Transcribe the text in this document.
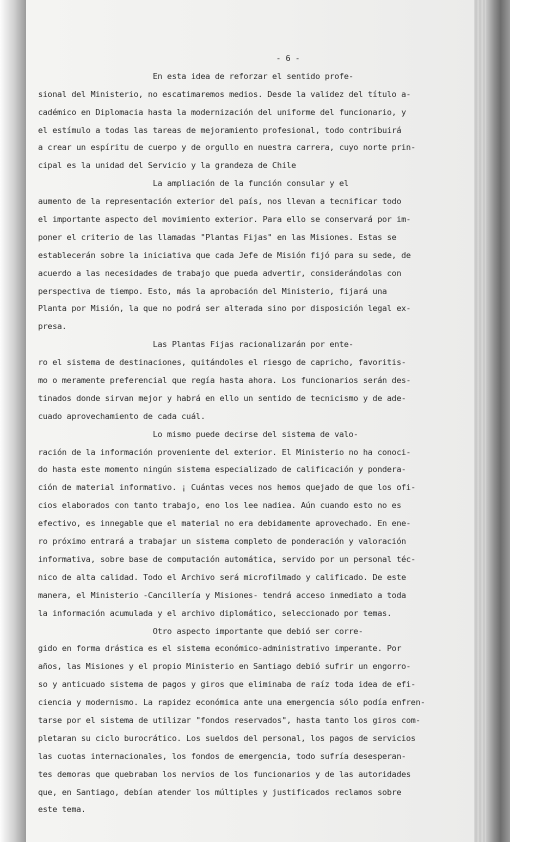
- 6 -
En esta idea de reforzar el sentido profe-
sional del Ministerio, no escatimaremos medios. Desde la validez del título a-
cadémico en Diplomacia hasta la modernización del uniforme del funcionario, y
el estímulo a todas las tareas de mejoramiento profesional, todo contribuirá
a crear un espíritu de cuerpo y de orgullo en nuestra carrera, cuyo norte prin-
cipal es la unidad del Servicio y la grandeza de Chile
La ampliación de la función consular y el
aumento de la representación exterior del país, nos llevan a tecnificar todo
el importante aspecto del movimiento exterior. Para ello se conservará por im-
poner el criterio de las llamadas "Plantas Fijas" en las Misiones. Estas se
establecerán sobre la iniciativa que cada Jefe de Misión fijó para su sede, de
acuerdo a las necesidades de trabajo que pueda advertir, considerándolas con
perspectiva de tiempo. Esto, más la aprobación del Ministerio, fijará una
Planta por Misión, la que no podrá ser alterada sino por disposición legal ex-
presa.
Las Plantas Fijas racionalizarán por ente-
ro el sistema de destinaciones, quitándoles el riesgo de capricho, favoritis-
mo o meramente preferencial que regía hasta ahora. Los funcionarios serán des-
tinados donde sirvan mejor y habrá en ello un sentido de tecnicismo y de ade-
cuado aprovechamiento de cada cuál.
Lo mismo puede decirse del sistema de valo-
ración de la información proveniente del exterior. El Ministerio no ha conoci-
do hasta este momento ningún sistema especializado de calificación y pondera-
ción de material informativo. ¡ Cuántas veces nos hemos quejado de que los ofi-
cios elaborados con tanto trabajo, eno los lee nadiea. Aún cuando esto no es
efectivo, es innegable que el material no era debidamente aprovechado. En ene-
ro próximo entrará a trabajar un sistema completo de ponderación y valoración
informativa, sobre base de computación automática, servido por un personal téc-
nico de alta calidad. Todo el Archivo será microfilmado y calificado. De este
manera, el Ministerio -Cancillería y Misiones- tendrá acceso inmediato a toda
la información acumulada y el archivo diplomático, seleccionado por temas.
Otro aspecto importante que debió ser corre-
gido en forma drástica es el sistema económico-administrativo imperante. Por
años, las Misiones y el propio Ministerio en Santiago debió sufrir un engorro-
so y anticuado sistema de pagos y giros que eliminaba de raíz toda idea de efi-
ciencia y modernismo. La rapidez económica ante una emergencia sólo podía enfren-
tarse por el sistema de utilizar "fondos reservados", hasta tanto los giros com-
pletaran su ciclo burocrático. Los sueldos del personal, los pagos de servicios
las cuotas internacionales, los fondos de emergencia, todo sufría desesperan-
tes demoras que quebraban los nervios de los funcionarios y de las autoridades
que, en Santiago, debían atender los múltiples y justificados reclamos sobre
este tema.
